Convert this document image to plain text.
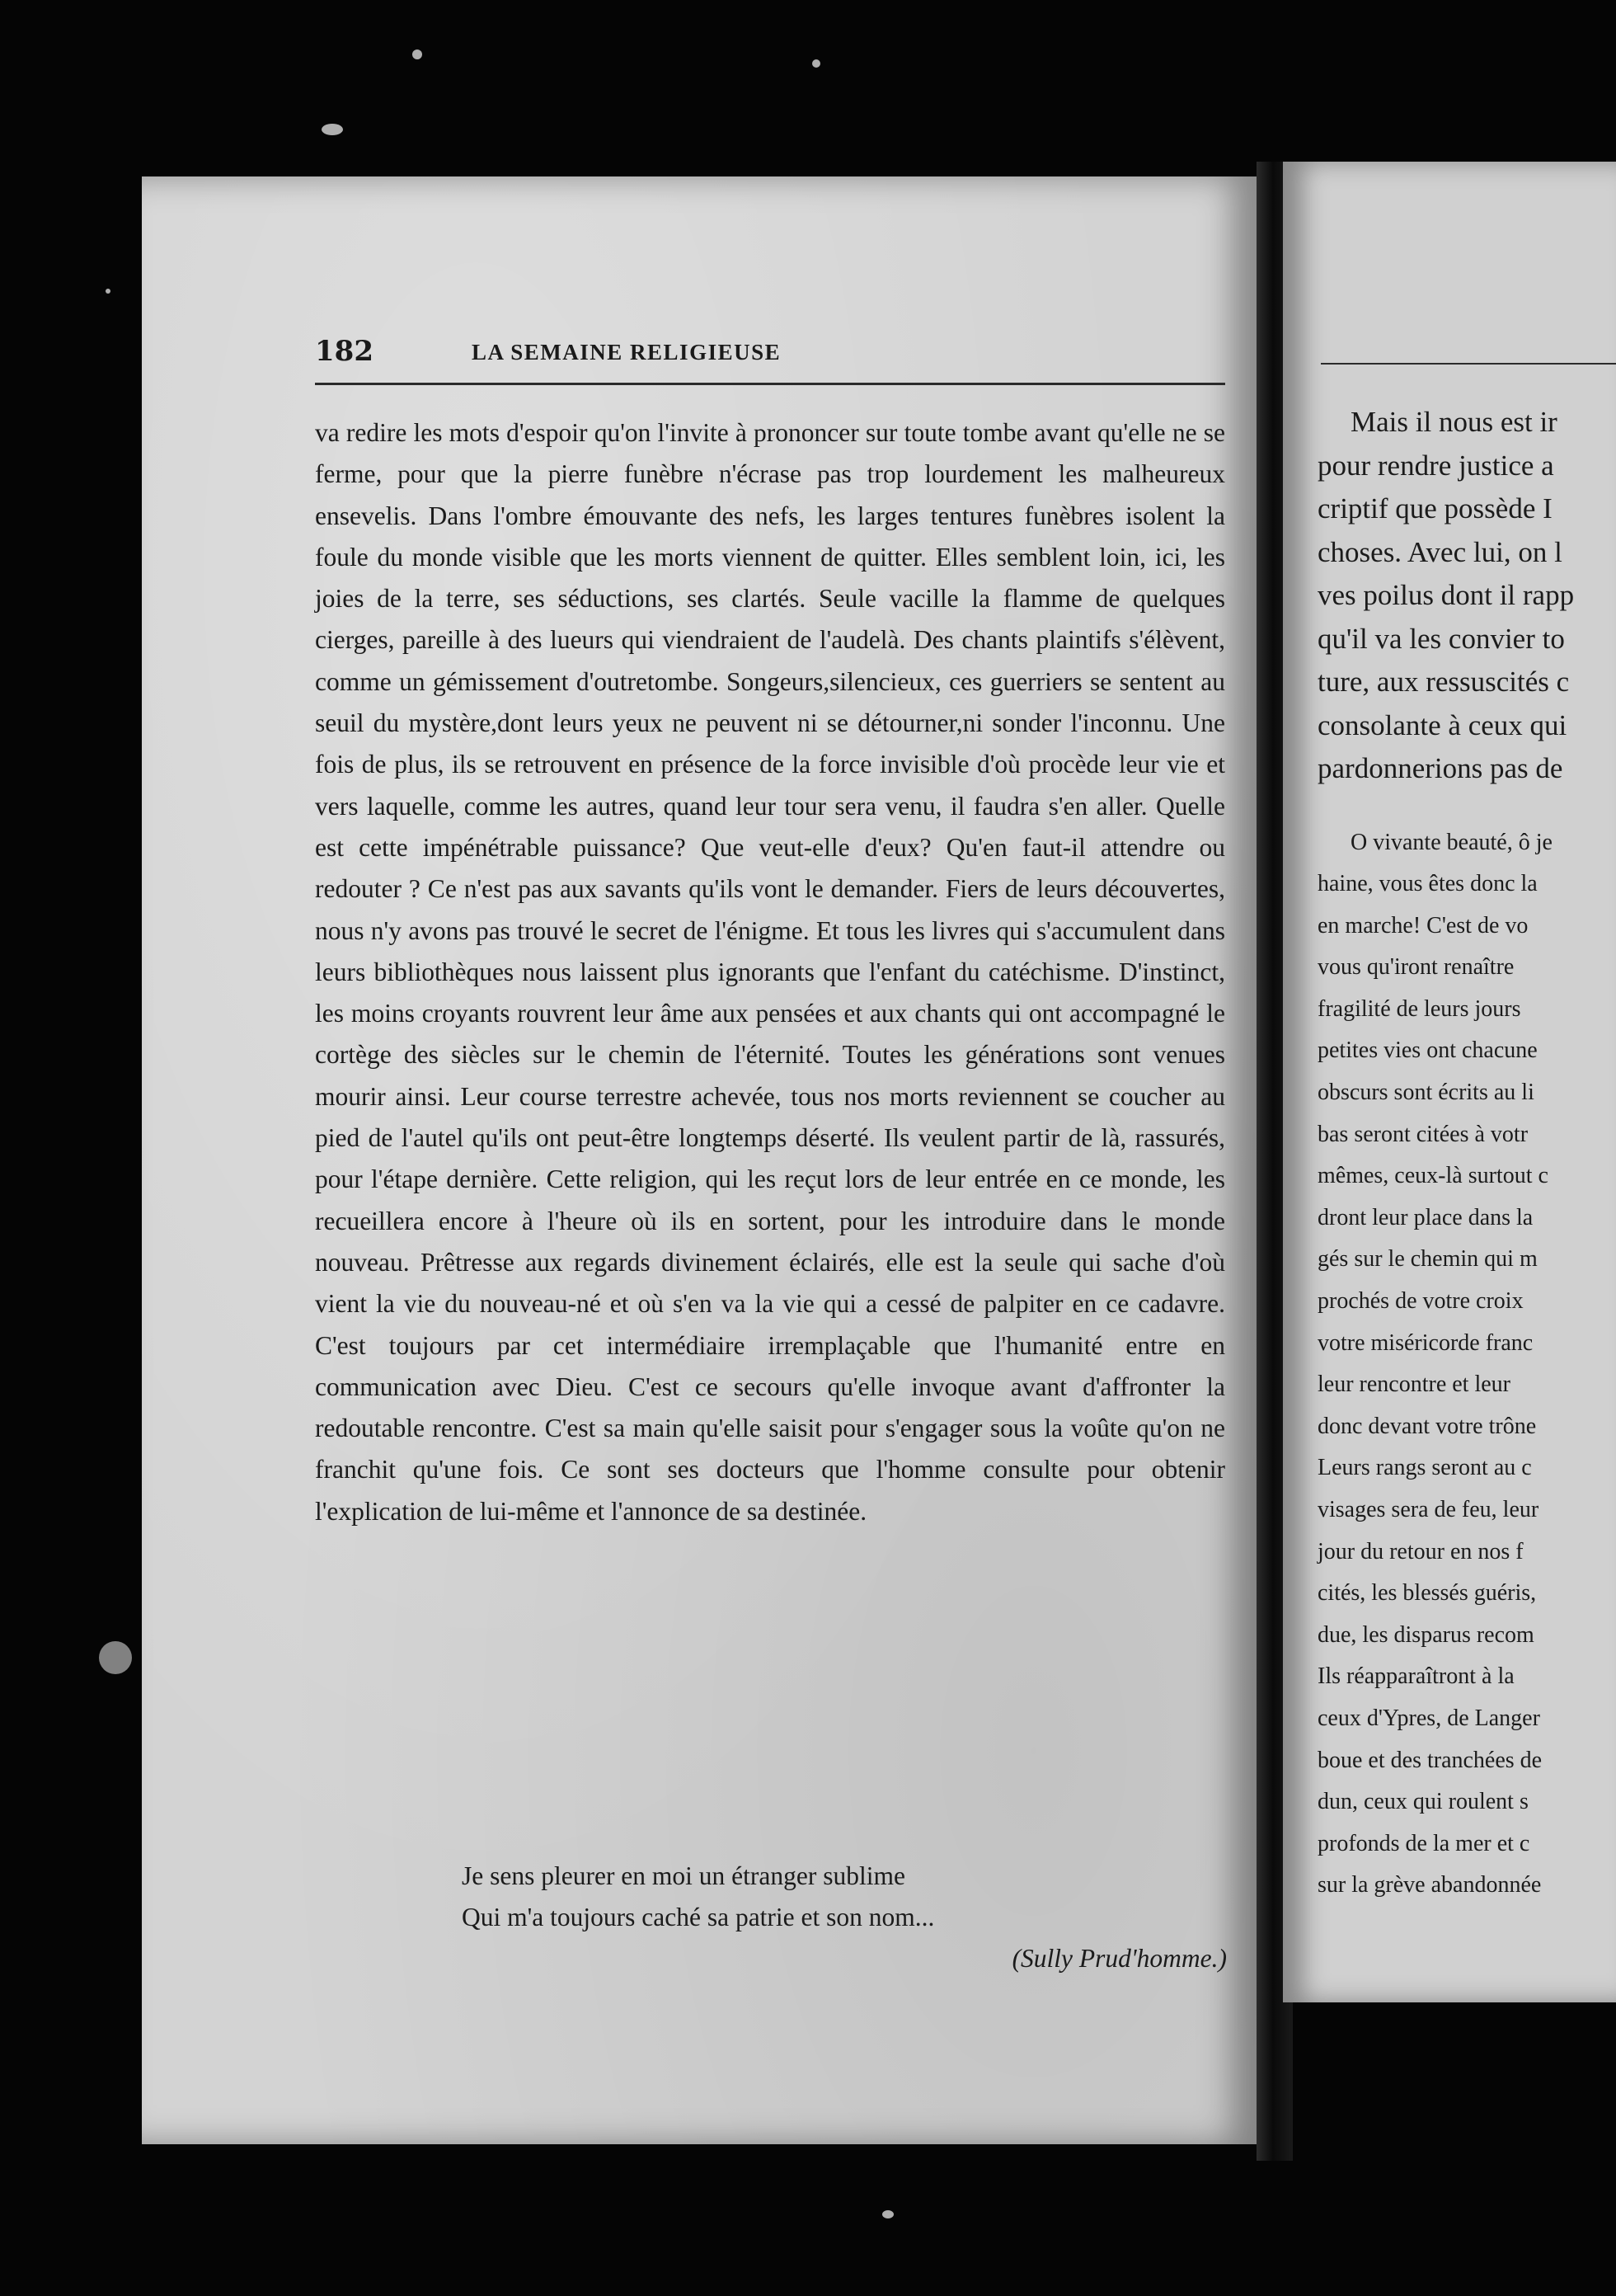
182	LA SEMAINE RELIGIEUSE

va redire les mots d'espoir qu'on l'invite à prononcer sur toute tombe avant qu'elle ne se ferme, pour que la pierre funèbre n'écrase pas trop lourdement les malheureux ensevelis. Dans l'ombre émouvante des nefs, les larges tentures funèbres isolent la foule du monde visible que les morts viennent de quitter. Elles semblent loin, ici, les joies de la terre, ses séductions, ses clartés. Seule vacille la flamme de quelques cierges, pareille à des lueurs qui viendraient de l'audelà. Des chants plaintifs s'élèvent, comme un gémissement d'outretombe. Songeurs,silencieux, ces guerriers se sentent au seuil du mystère,dont leurs yeux ne peuvent ni se détourner,ni sonder l'inconnu. Une fois de plus, ils se retrouvent en présence de la force invisible d'où procède leur vie et vers laquelle, comme les autres, quand leur tour sera venu, il faudra s'en aller. Quelle est cette impénétrable puissance? Que veut-elle d'eux? Qu'en faut-il attendre ou redouter ? Ce n'est pas aux savants qu'ils vont le demander. Fiers de leurs découvertes, nous n'y avons pas trouvé le secret de l'énigme. Et tous les livres qui s'accumulent dans leurs bibliothèques nous laissent plus ignorants que l'enfant du catéchisme. D'instinct, les moins croyants rouvrent leur âme aux pensées et aux chants qui ont accompagné le cortège des siècles sur le chemin de l'éternité. Toutes les générations sont venues mourir ainsi. Leur course terrestre achevée, tous nos morts reviennent se coucher au pied de l'autel qu'ils ont peut-être longtemps déserté. Ils veulent partir de là, rassurés, pour l'étape dernière. Cette religion, qui les reçut lors de leur entrée en ce monde, les recueillera encore à l'heure où ils en sortent, pour les introduire dans le monde nouveau. Prêtresse aux regards divinement éclairés, elle est la seule qui sache d'où vient la vie du nouveau-né et où s'en va la vie qui a cessé de palpiter en ce cadavre. C'est toujours par cet intermédiaire irremplaçable que l'humanité entre en communication avec Dieu. C'est ce secours qu'elle invoque avant d'affronter la redoutable rencontre. C'est sa main qu'elle saisit pour s'engager sous la voûte qu'on ne franchit qu'une fois. Ce sont ses docteurs que l'homme consulte pour obtenir l'explication de lui-même et l'annonce de sa destinée.

Je sens pleurer en moi un étranger sublime
Qui m'a toujours caché sa patrie et son nom...
(Sully Prud'homme.)
Mais il nous est ir
pour rendre justice a
criptif que possède I
choses. Avec lui, on l
ves poilus dont il rapp
qu'il va les convier to
ture, aux ressuscités c
consolante à ceux qui
pardonnerions pas de
O vivante beauté, ô je
haine, vous êtes donc la
en marche! C'est de vo
vous qu'iront renaître
fragilité de leurs jours
petites vies ont chacune
obscurs sont écrits au li
bas seront citées à votr
mêmes, ceux-là surtout c
dront leur place dans la
gés sur le chemin qui m
prochés de votre croix
votre miséricorde franc
leur rencontre et leur
donc devant votre trône
Leurs rangs seront au c
visages sera de feu, leur
jour du retour en nos f
cités, les blessés guéris,
due, les disparus recom
Ils réapparaîtront à la
ceux d'Ypres, de Langer
boue et des tranchées de
dun, ceux qui roulent s
profonds de la mer et c
sur la grève abandonnée
